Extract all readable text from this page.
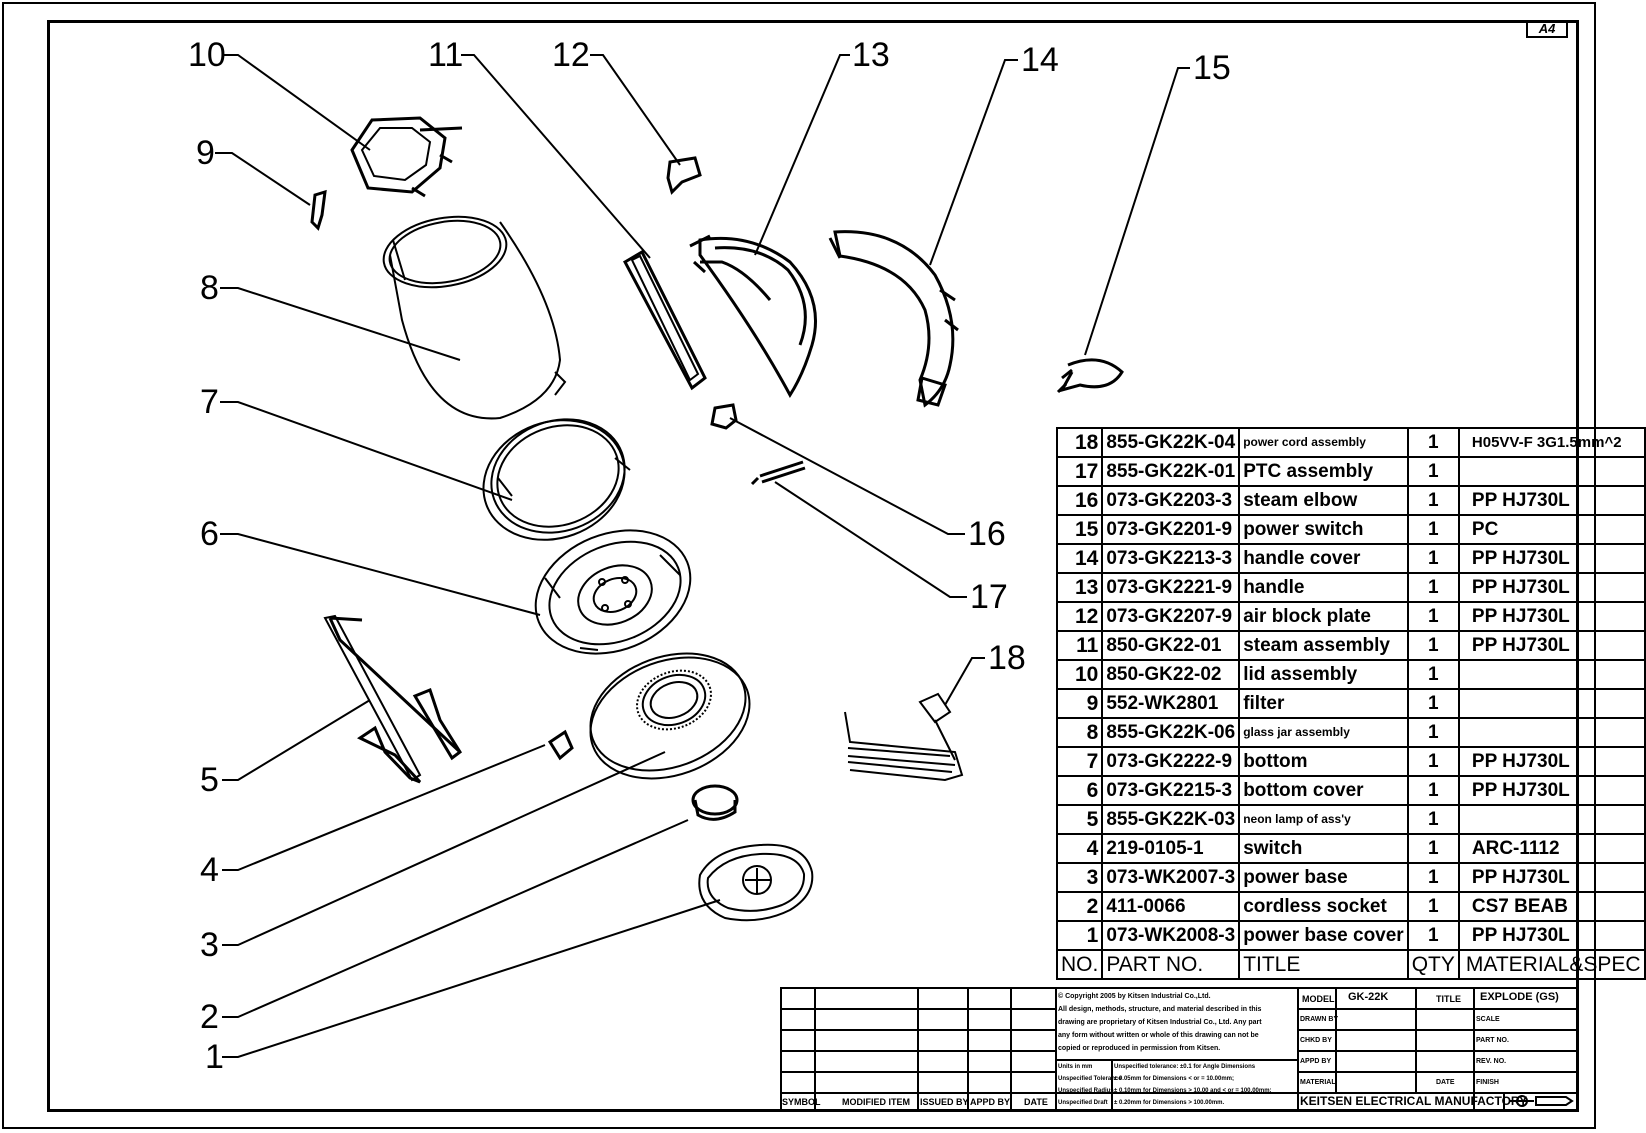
A4
10	11	12	13	14	15
9
8
7
6
5
4
3
2
1
16
17
18
18	855-GK22K-04	power cord assembly	1	H05VV-F 3G1.5mm^2
17	855-GK22K-01	PTC assembly	1	
16	073-GK2203-3	steam elbow	1	PP HJ730L
15	073-GK2201-9	power switch	1	PC
14	073-GK2213-3	handle cover	1	PP HJ730L
13	073-GK2221-9	handle	1	PP HJ730L
12	073-GK2207-9	air block plate	1	PP HJ730L
11	850-GK22-01	steam assembly	1	PP HJ730L
10	850-GK22-02	lid assembly	1	
9	552-WK2801	filter	1	
8	855-GK22K-06	glass jar assembly	1	
7	073-GK2222-9	bottom	1	PP HJ730L
6	073-GK2215-3	bottom cover	1	PP HJ730L
5	855-GK22K-03	neon lamp of ass'y	1	
4	219-0105-1	switch	1	ARC-1112
3	073-WK2007-3	power base	1	PP HJ730L
2	411-0066	cordless socket	1	CS7 BEAB
1	073-WK2008-3	power base cover	1	PP HJ730L
NO.	PART NO.	TITLE	QTY	MATERIAL&SPEC
SYMBOL MODIFIED ITEM ISSUED BY APPD BY DATE
© Copyright 2005 by Kitsen Industrial Co.,Ltd.
All design, methods, structure, and material described in this
drawing are proprietary of Kitsen Industrial Co., Ltd. Any part
any form without written or whole of this drawing can not be
copied or reproduced in permission from Kitsen.
Units in mm
Unspecified Tolerance
Unspecified Radius
Unspecified Draft
Unspecified tolerance: ±0.1 for Angle Dimensions
± 0.05mm for Dimensions < or = 10.00mm;
± 0.10mm for Dimensions > 10.00 and < or = 100.00mm;
± 0.20mm for Dimensions > 100.00mm.
MODEL GK-22K	TITLE EXPLODE (GS)
DRAWN BY
CHKD BY
APPD BY
MATERIAL
SCALE
PART NO.
REV. NO.
FINISH
DATE
KEITSEN ELECTRICAL MANUFACTORY
